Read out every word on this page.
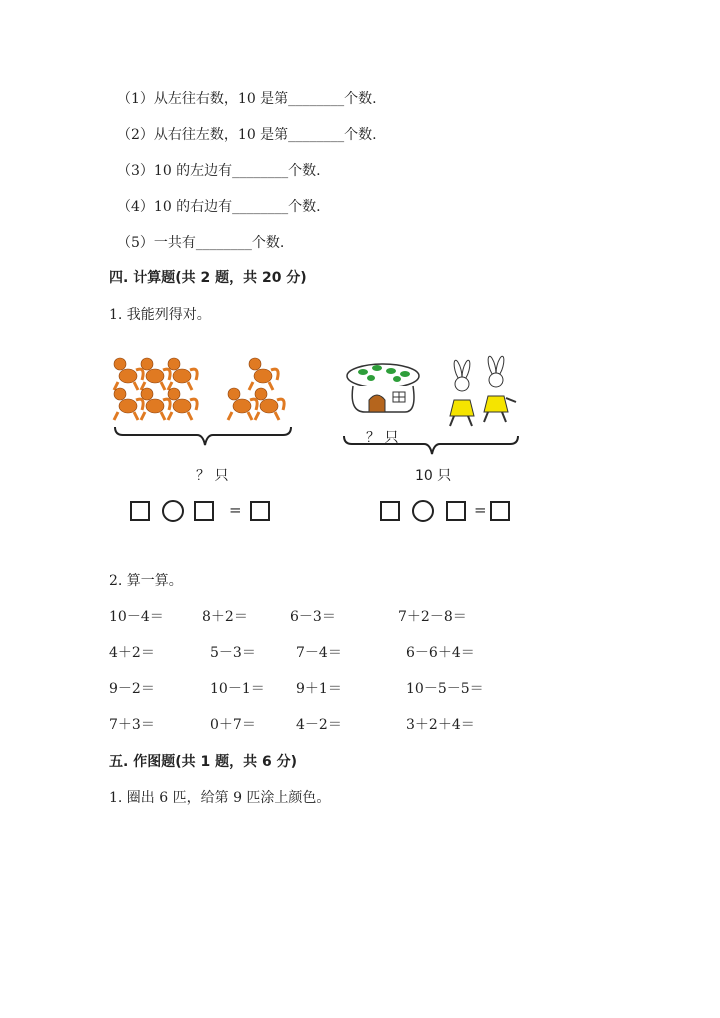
（1）从左往右数，10 是第________个数.
（2）从右往左数，10 是第________个数.
（3）10 的左边有________个数.
（4）10 的右边有________个数.
（5）一共有________个数.
四. 计算题(共 2 题，共 20 分)
1. 我能列得对。
？ 只
？ 只
10 只
=	=
2. 算一算。
10－4＝	8＋2＝	6－3＝	7＋2－8＝
4＋2＝	5－3＝	7－4＝	6－6＋4＝
9－2＝	10－1＝ 9＋1＝	10－5－5＝
7＋3＝	0＋7＝	4－2＝	3＋2＋4＝
五. 作图题(共 1 题，共 6 分)
1. 圈出 6 匹，给第 9 匹涂上颜色。
